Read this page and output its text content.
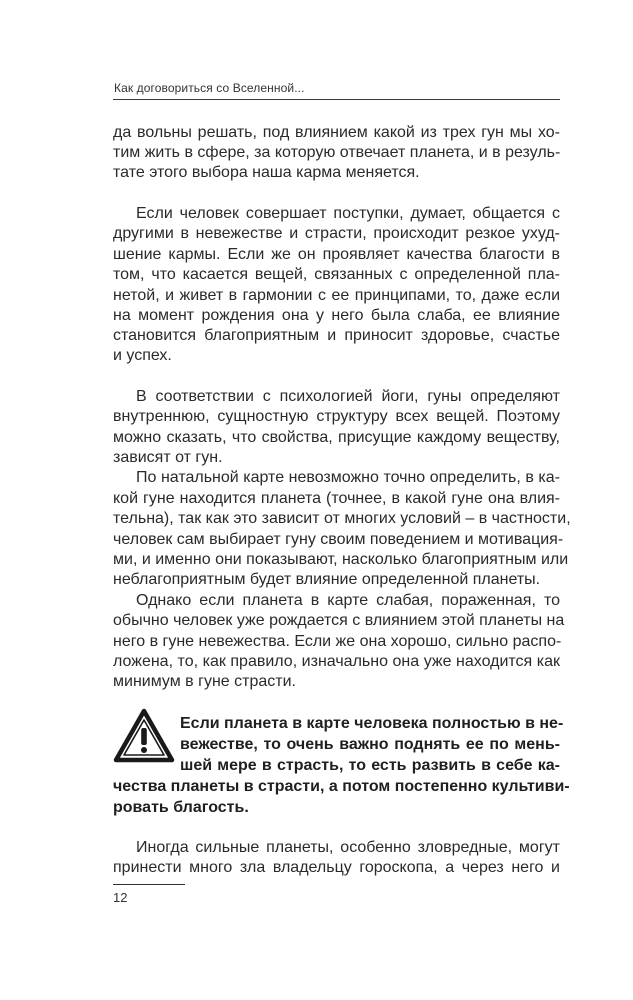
Как договориться со Вселенной...
да вольны решать, под влиянием какой из трех гун мы хо-
тим жить в сфере, за которую отвечает планета, и в резуль-
тате этого выбора наша карма меняется.
Если человек совершает поступки, думает, общается с
другими в невежестве и страсти, происходит резкое ухуд-
шение кармы. Если же он проявляет качества благости в
том, что касается вещей, связанных с определенной пла-
нетой, и живет в гармонии с ее принципами, то, даже если
на момент рождения она у него была слаба, ее влияние
становится благоприятным и приносит здоровье, счастье
и успех.
В соответствии с психологией йоги, гуны определяют
внутреннюю, сущностную структуру всех вещей. Поэтому
можно сказать, что свойства, присущие каждому веществу,
зависят от гун.
По натальной карте невозможно точно определить, в ка-
кой гуне находится планета (точнее, в какой гуне она влия-
тельна), так как это зависит от многих условий – в частности,
человек сам выбирает гуну своим поведением и мотивация-
ми, и именно они показывают, насколько благоприятным или
неблагоприятным будет влияние определенной планеты.
Однако если планета в карте слабая, пораженная, то
обычно человек уже рождается с влиянием этой планеты на
него в гуне невежества. Если же она хорошо, сильно распо-
ложена, то, как правило, изначально она уже находится как
минимум в гуне страсти.
Если планета в карте человека полностью в не-
вежестве, то очень важно поднять ее по мень-
шей мере в страсть, то есть развить в себе ка-
чества планеты в страсти, а потом постепенно культиви-
ровать благость.
Иногда сильные планеты, особенно зловредные, могут
принести много зла владельцу гороскопа, а через него и
12
